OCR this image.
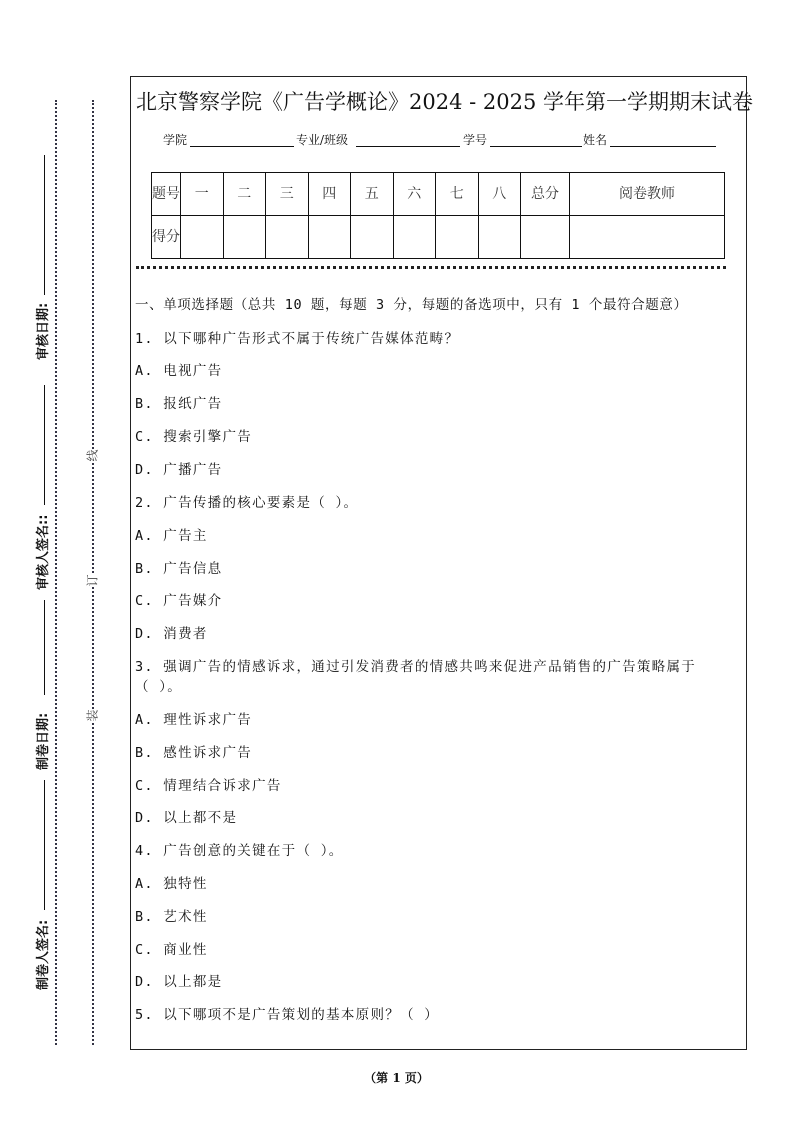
审核日期:
审核人签名::
制卷日期:
制卷人签名:
线
订
装
北京警察学院《广告学概论》2024 - 2025 学年第一学期期末试卷
学院	专业/班级	学号	姓名
题号	一	二	三	四	五	六	七	八	总分	阅卷教师
得分										
一、单项选择题（总共 10 题，每题 3 分，每题的备选项中，只有 1 个最符合题意）
1. 以下哪种广告形式不属于传统广告媒体范畴？
A. 电视广告
B. 报纸广告
C. 搜索引擎广告
D. 广播广告
2. 广告传播的核心要素是（ ）。
A. 广告主
B. 广告信息
C. 广告媒介
D. 消费者
3. 强调广告的情感诉求，通过引发消费者的情感共鸣来促进产品销售的广告策略属于
（ ）。
A. 理性诉求广告
B. 感性诉求广告
C. 情理结合诉求广告
D. 以上都不是
4. 广告创意的关键在于（ ）。
A. 独特性
B. 艺术性
C. 商业性
D. 以上都是
5. 以下哪项不是广告策划的基本原则？（ ）
（第 1 页）
